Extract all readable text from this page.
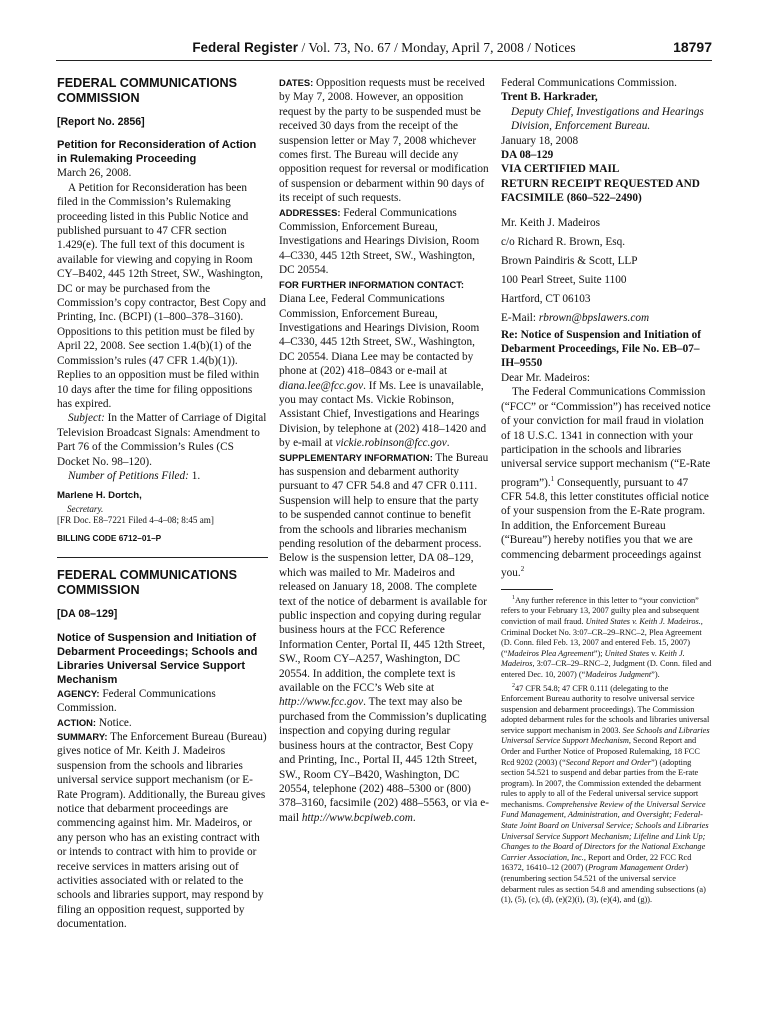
Federal Register / Vol. 73, No. 67 / Monday, April 7, 2008 / Notices	18797
FEDERAL COMMUNICATIONS COMMISSION
[Report No. 2856]
Petition for Reconsideration of Action in Rulemaking Proceeding

March 26, 2008.

A Petition for Reconsideration has been filed in the Commission’s Rulemaking proceeding listed in this Public Notice and published pursuant to 47 CFR section 1.429(e). The full text of this document is available for viewing and copying in Room CY–B402, 445 12th Street, SW., Washington, DC or may be purchased from the Commission’s copy contractor, Best Copy and Printing, Inc. (BCPI) (1–800–378–3160). Oppositions to this petition must be filed by April 22, 2008. See section 1.4(b)(1) of the Commission’s rules (47 CFR 1.4(b)(1)). Replies to an opposition must be filed within 10 days after the time for filing oppositions has expired.

Subject: In the Matter of Carriage of Digital Television Broadcast Signals: Amendment to Part 76 of the Commission’s Rules (CS Docket No. 98–120).

Number of Petitions Filed: 1.

Marlene H. Dortch,

Secretary.

[FR Doc. E8–7221 Filed 4–4–08; 8:45 am]

BILLING CODE 6712–01–P
FEDERAL COMMUNICATIONS COMMISSION
[DA 08–129]
Notice of Suspension and Initiation of Debarment Proceedings; Schools and Libraries Universal Service Support Mechanism

AGENCY: Federal Communications Commission.

ACTION: Notice.

SUMMARY: The Enforcement Bureau (Bureau) gives notice of Mr. Keith J. Madeiros suspension from the schools and libraries universal service support mechanism (or E-Rate Program). Additionally, the Bureau gives notice that debarment proceedings are commencing against him. Mr. Madeiros, or any person who has an existing contract with or intends to contract with him to provide or receive services in matters arising out of activities associated with or related to the schools and libraries support, may respond by filing an opposition request, supported by documentation.

DATES: Opposition requests must be received by May 7, 2008. However, an opposition request by the party to be suspended must be received 30 days from the receipt of the suspension letter or May 7, 2008 whichever comes first. The Bureau will decide any opposition request for reversal or modification of suspension or debarment within 90 days of its receipt of such requests.

ADDRESSES: Federal Communications Commission, Enforcement Bureau, Investigations and Hearings Division, Room 4–C330, 445 12th Street, SW., Washington, DC 20554.

FOR FURTHER INFORMATION CONTACT: Diana Lee, Federal Communications Commission, Enforcement Bureau, Investigations and Hearings Division, Room 4–C330, 445 12th Street, SW., Washington, DC 20554. Diana Lee may be contacted by phone at (202) 418–0843 or e-mail at diana.lee@fcc.gov. If Ms. Lee is unavailable, you may contact Ms. Vickie Robinson, Assistant Chief, Investigations and Hearings Division, by telephone at (202) 418–1420 and by e-mail at vickie.robinson@fcc.gov.

SUPPLEMENTARY INFORMATION: The Bureau has suspension and debarment authority pursuant to 47 CFR 54.8 and 47 CFR 0.111. Suspension will help to ensure that the party to be suspended cannot continue to benefit from the schools and libraries mechanism pending resolution of the debarment process. Below is the suspension letter, DA 08–129, which was mailed to Mr. Madeiros and released on January 18, 2008. The complete text of the notice of debarment is available for public inspection and copying during regular business hours at the FCC Reference Information Center, Portal II, 445 12th Street, SW., Room CY–A257, Washington, DC 20554. In addition, the complete text is available on the FCC’s Web site at http://www.fcc.gov. The text may also be purchased from the Commission’s duplicating inspection and copying during regular business hours at the contractor, Best Copy and Printing, Inc., Portal II, 445 12th Street, SW., Room CY–B420, Washington, DC 20554, telephone (202) 488–5300 or (800) 378–3160, facsimile (202) 488–5563, or via e-mail http://www.bcpiweb.com.

Federal Communications Commission.

Trent B. Harkrader,

Deputy Chief, Investigations and Hearings Division, Enforcement Bureau.

January 18, 2008

DA 08–129

VIA CERTIFIED MAIL

RETURN RECEIPT REQUESTED AND FACSIMILE (860–522–2490)

Mr. Keith J. Madeiros

c/o Richard R. Brown, Esq.

Brown Paindiris & Scott, LLP

100 Pearl Street, Suite 1100

Hartford, CT 06103

E-Mail: rbrown@bpslawers.com

Re: Notice of Suspension and Initiation of Debarment Proceedings, File No. EB–07–IH–9550

Dear Mr. Madeiros:

The Federal Communications Commission (“FCC” or “Commission”) has received notice of your conviction for mail fraud in violation of 18 U.S.C. 1341 in connection with your participation in the schools and libraries universal service support mechanism (“E-Rate program”).$^1$ Consequently, pursuant to 47 CFR 54.8, this letter constitutes official notice of your suspension from the E-Rate program. In addition, the Enforcement Bureau (“Bureau”) hereby notifies you that we are commencing debarment proceedings against you.$^2$

$^1$Any further reference in this letter to “your conviction” refers to your February 13, 2007 guilty plea and subsequent conviction of mail fraud. United States v. Keith J. Madeiros., Criminal Docket No. 3:07–CR–29–RNC–2, Plea Agreement (D. Conn. filed Feb. 13, 2007 and entered Feb. 15, 2007) (“Madeiros Plea Agreement”); United States v. Keith J. Madeiros, 3:07–CR–29–RNC–2, Judgment (D. Conn. filed and entered Dec. 10, 2007) (“Madeiros Judgment”).

$^2$47 CFR 54.8; 47 CFR 0.111 (delegating to the Enforcement Bureau authority to resolve universal service suspension and debarment proceedings). The Commission adopted debarment rules for the schools and libraries universal service support mechanism in 2003. See Schools and Libraries Universal Service Support Mechanism, Second Report and Order and Further Notice of Proposed Rulemaking, 18 FCC Rcd 9202 (2003) (“Second Report and Order”) (adopting section 54.521 to suspend and debar parties from the E-rate program). In 2007, the Commission extended the debarment rules to apply to all of the Federal universal service support mechanisms. Comprehensive Review of the Universal Service Fund Management, Administration, and Oversight; Federal-State Joint Board on Universal Service; Schools and Libraries Universal Service Support Mechanism; Lifeline and Link Up; Changes to the Board of Directors for the National Exchange Carrier Association, Inc., Report and Order, 22 FCC Rcd 16372, 16410–12 (2007) (Program Management Order) (renumbering section 54.521 of the universal service debarment rules as section 54.8 and amending subsections (a)(1), (5), (c), (d), (e)(2)(i), (3), (e)(4), and (g)).
